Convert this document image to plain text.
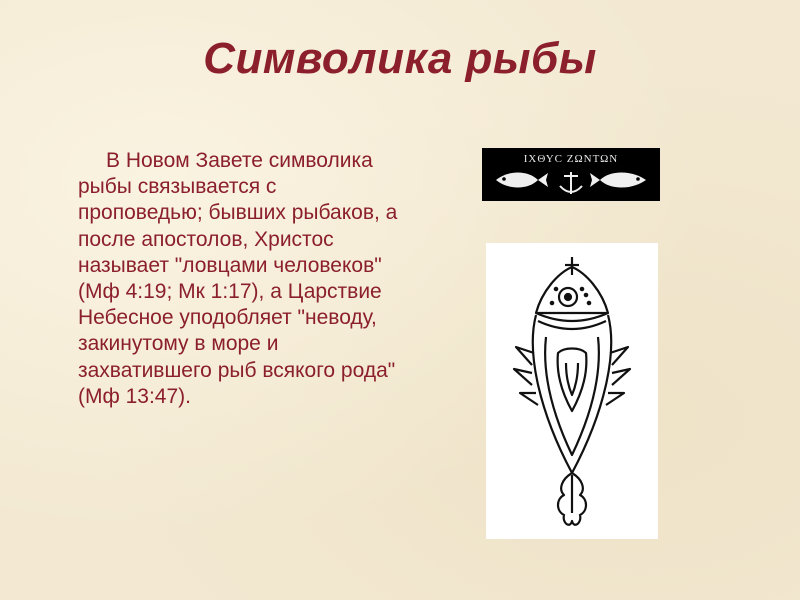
Символика рыбы
В Новом Завете символика рыбы связывается с проповедью; бывших рыбаков, а после апостолов, Христос называет "ловцами человеков" (Мф 4:19; Мк 1:17), а Царствие Небесное уподобляет "неводу, закинутому в море и захватившего рыб всякого рода" (Мф 13:47).
ΙΧΘΥC ΖΩΝΤΩΝ
